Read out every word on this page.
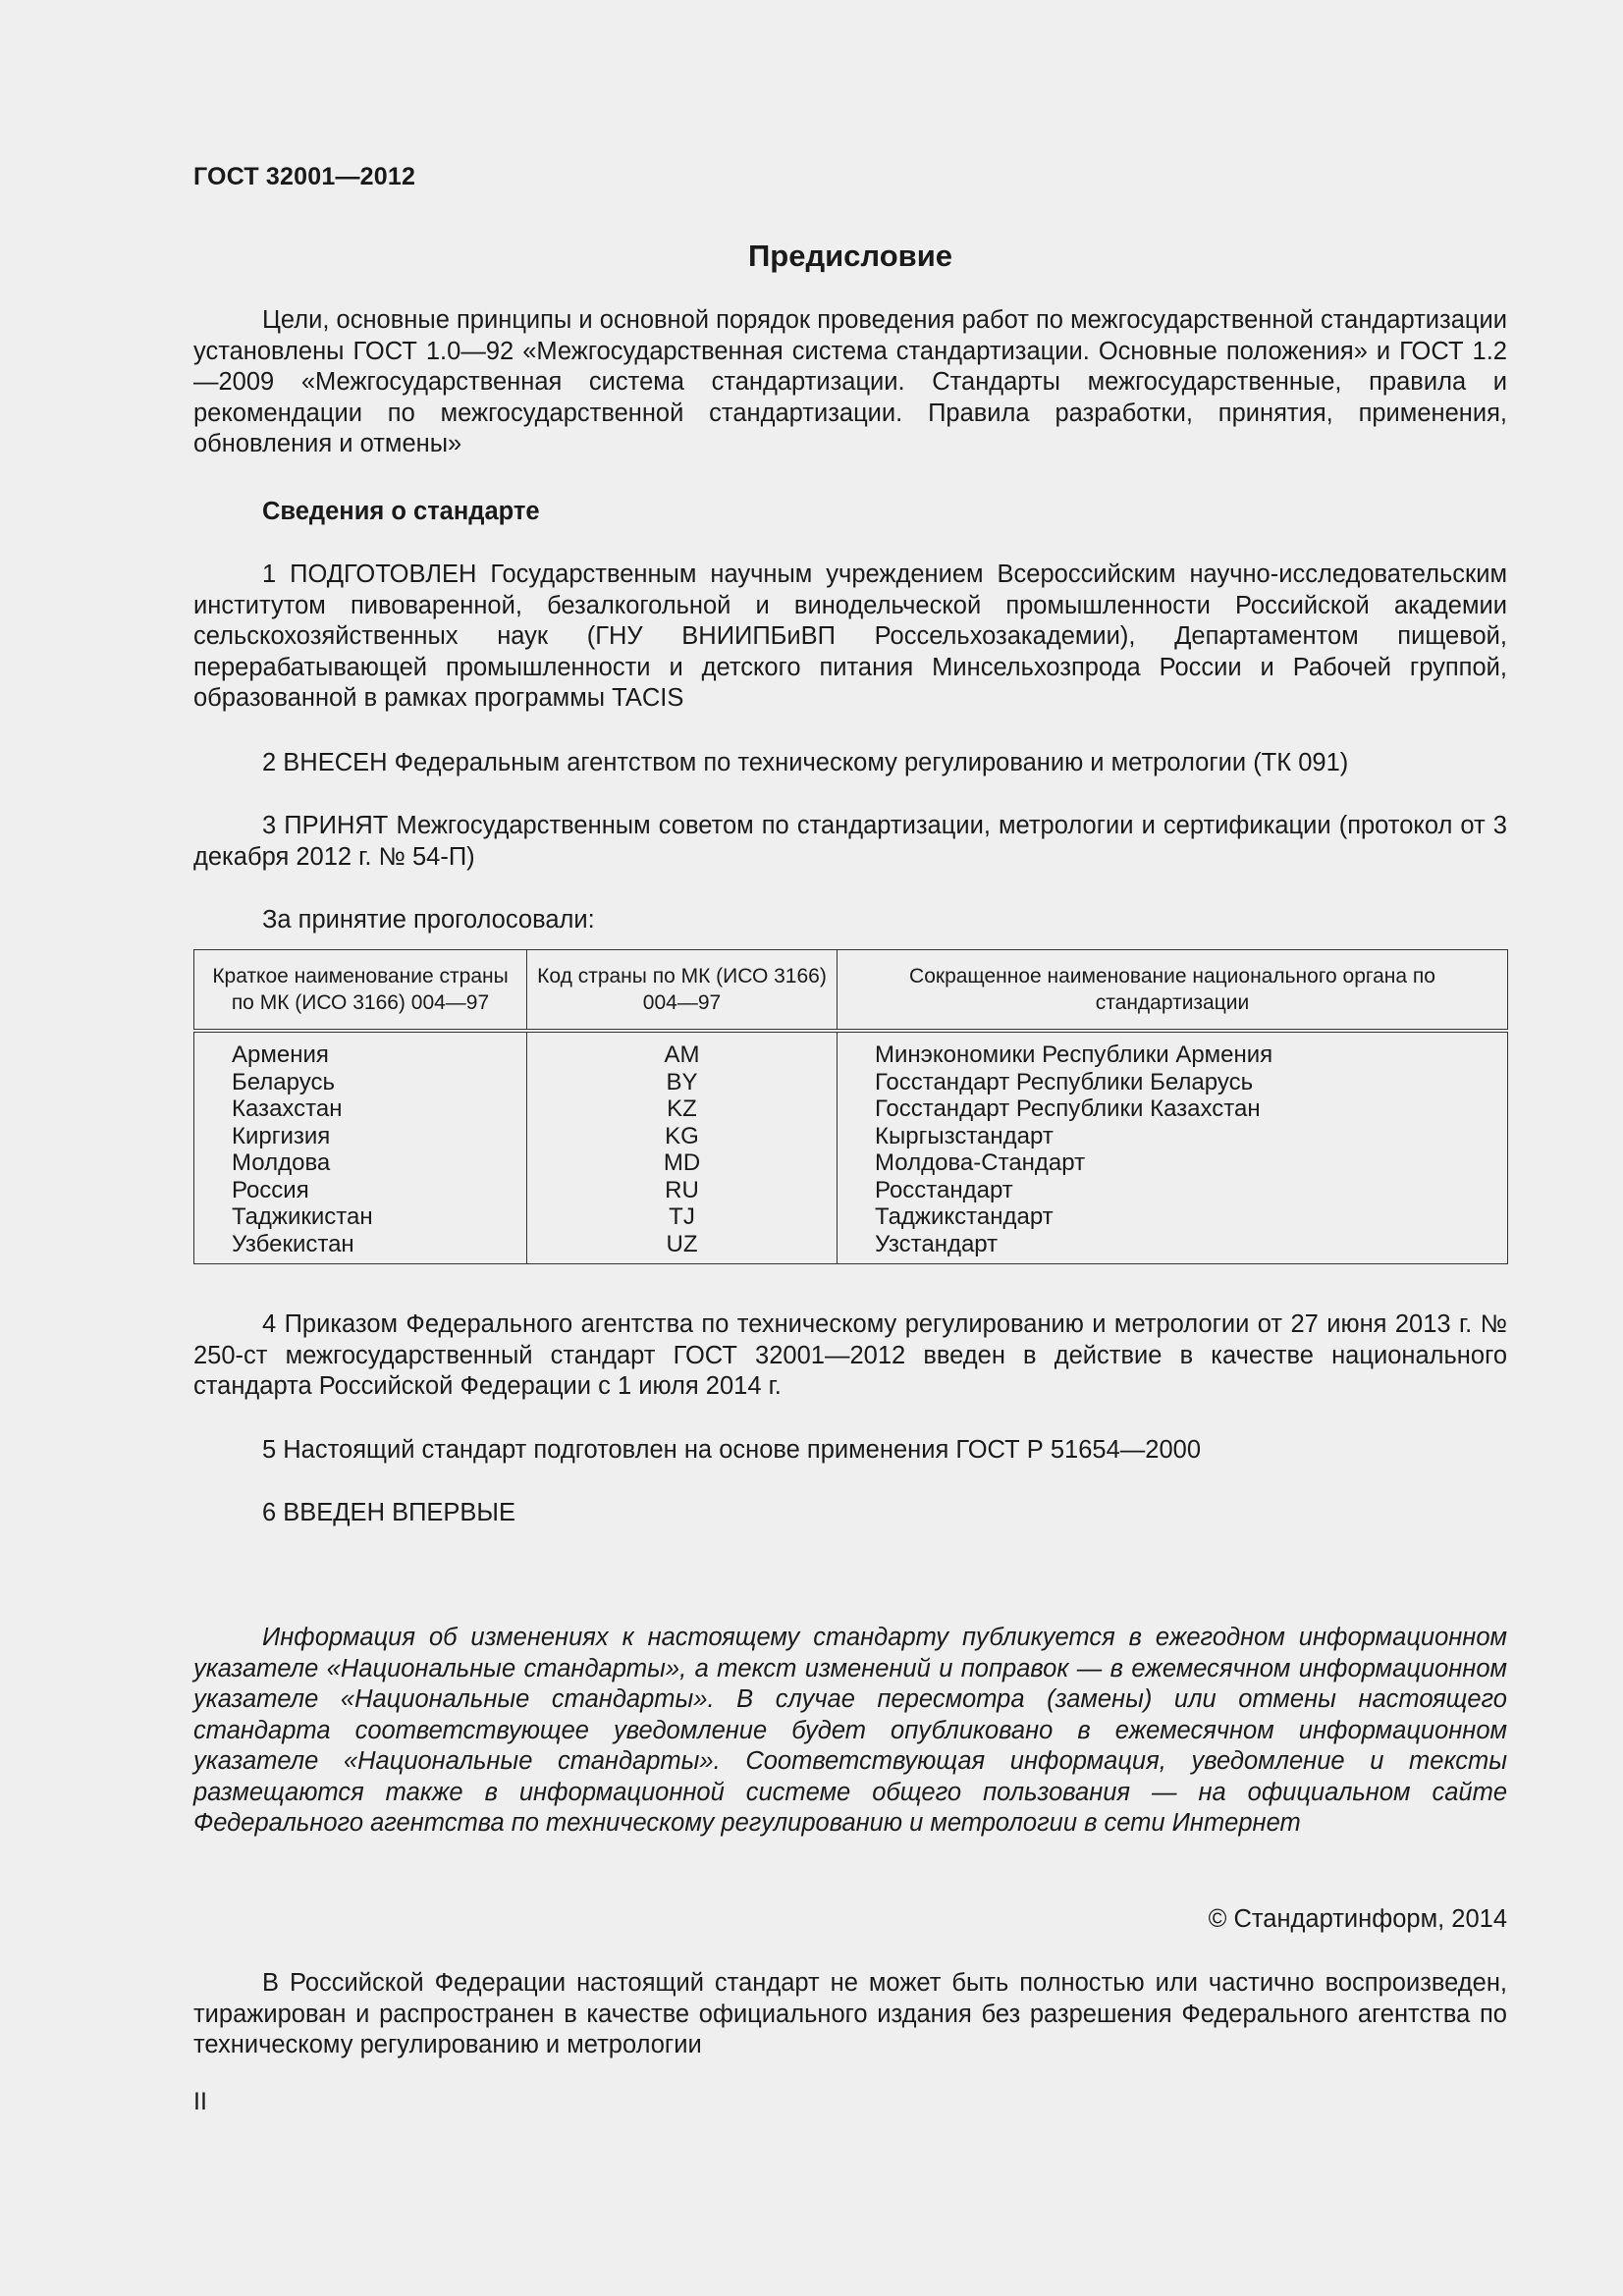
ГОСТ 32001—2012
Предисловие
Цели, основные принципы и основной порядок проведения работ по межгосударственной стандартизации установлены ГОСТ 1.0—92 «Межгосударственная система стандартизации. Основные положения» и ГОСТ 1.2—2009 «Межгосударственная система стандартизации. Стандарты межгосударственные, правила и рекомендации по межгосударственной стандартизации. Правила разработки, принятия, применения, обновления и отмены»
Сведения о стандарте
1 ПОДГОТОВЛЕН Государственным научным учреждением Всероссийским научно-исследовательским институтом пивоваренной, безалкогольной и винодельческой промышленности Российской академии сельскохозяйственных наук (ГНУ ВНИИПБиВП Россельхозакадемии), Департаментом пищевой, перерабатывающей промышленности и детского питания Минсельхозпрода России и Рабочей группой, образованной в рамках программы TACIS
2 ВНЕСЕН Федеральным агентством по техническому регулированию и метрологии (ТК 091)
3 ПРИНЯТ Межгосударственным советом по стандартизации, метрологии и сертификации (протокол от 3 декабря 2012 г. № 54-П)
За принятие проголосовали:
Краткое наименование страны по МК (ИСО 3166) 004—97	Код страны по МК (ИСО 3166) 004—97	Сокращенное наименование национального органа по стандартизации
Армения	AM	Минэкономики Республики Армения
Беларусь	BY	Госстандарт Республики Беларусь
Казахстан	KZ	Госстандарт Республики Казахстан
Киргизия	KG	Кыргызстандарт
Молдова	MD	Молдова-Стандарт
Россия	RU	Росстандарт
Таджикистан	TJ	Таджикстандарт
Узбекистан	UZ	Узстандарт
4 Приказом Федерального агентства по техническому регулированию и метрологии от 27 июня 2013 г. № 250-ст межгосударственный стандарт ГОСТ 32001—2012 введен в действие в качестве национального стандарта Российской Федерации с 1 июля 2014 г.
5 Настоящий стандарт подготовлен на основе применения ГОСТ Р 51654—2000
6 ВВЕДЕН ВПЕРВЫЕ
Информация об изменениях к настоящему стандарту публикуется в ежегодном информационном указателе «Национальные стандарты», а текст изменений и поправок — в ежемесячном информационном указателе «Национальные стандарты». В случае пересмотра (замены) или отмены настоящего стандарта соответствующее уведомление будет опубликовано в ежемесячном информационном указателе «Национальные стандарты». Соответствующая информация, уведомление и тексты размещаются также в информационной системе общего пользования — на официальном сайте Федерального агентства по техническому регулированию и метрологии в сети Интернет
© Стандартинформ, 2014
В Российской Федерации настоящий стандарт не может быть полностью или частично воспроизведен, тиражирован и распространен в качестве официального издания без разрешения Федерального агентства по техническому регулированию и метрологии
II
